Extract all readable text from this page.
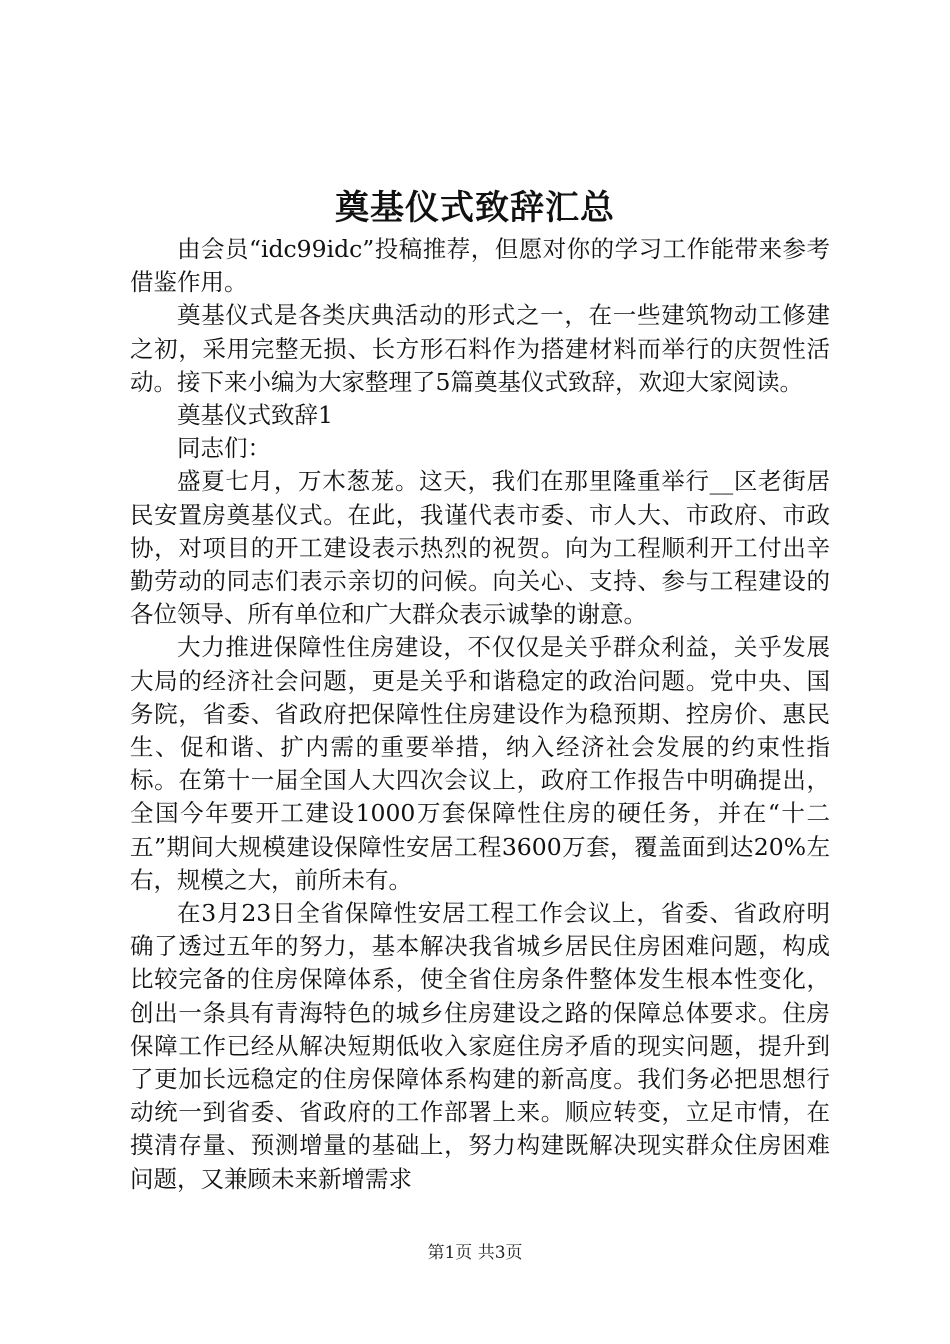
奠基仪式致辞汇总

由会员“idc99idc”投稿推荐，但愿对你的学习工作能带来参考借鉴作用。

奠基仪式是各类庆典活动的形式之一，在一些建筑物动工修建之初，采用完整无损、长方形石料作为搭建材料而举行的庆贺性活动。接下来小编为大家整理了5篇奠基仪式致辞，欢迎大家阅读。

奠基仪式致辞1

同志们：

盛夏七月，万木葱茏。这天，我们在那里隆重举行__区老街居民安置房奠基仪式。在此，我谨代表市委、市人大、市政府、市政协，对项目的开工建设表示热烈的祝贺。向为工程顺利开工付出辛勤劳动的同志们表示亲切的问候。向关心、支持、参与工程建设的各位领导、所有单位和广大群众表示诚挚的谢意。

大力推进保障性住房建设，不仅仅是关乎群众利益，关乎发展大局的经济社会问题，更是关乎和谐稳定的政治问题。党中央、国务院，省委、省政府把保障性住房建设作为稳预期、控房价、惠民生、促和谐、扩内需的重要举措，纳入经济社会发展的约束性指标。在第十一届全国人大四次会议上，政府工作报告中明确提出，全国今年要开工建设1000万套保障性住房的硬任务，并在“十二五”期间大规模建设保障性安居工程3600万套，覆盖面到达20%左右，规模之大，前所未有。

在3月23日全省保障性安居工程工作会议上，省委、省政府明确了透过五年的努力，基本解决我省城乡居民住房困难问题，构成比较完备的住房保障体系，使全省住房条件整体发生根本性变化，创出一条具有青海特色的城乡住房建设之路的保障总体要求。住房保障工作已经从解决短期低收入家庭住房矛盾的现实问题，提升到了更加长远稳定的住房保障体系构建的新高度。我们务必把思想行动统一到省委、省政府的工作部署上来。顺应转变，立足市情，在摸清存量、预测增量的基础上，努力构建既解决现实群众住房困难问题，又兼顾未来新增需求

第1页 共3页
